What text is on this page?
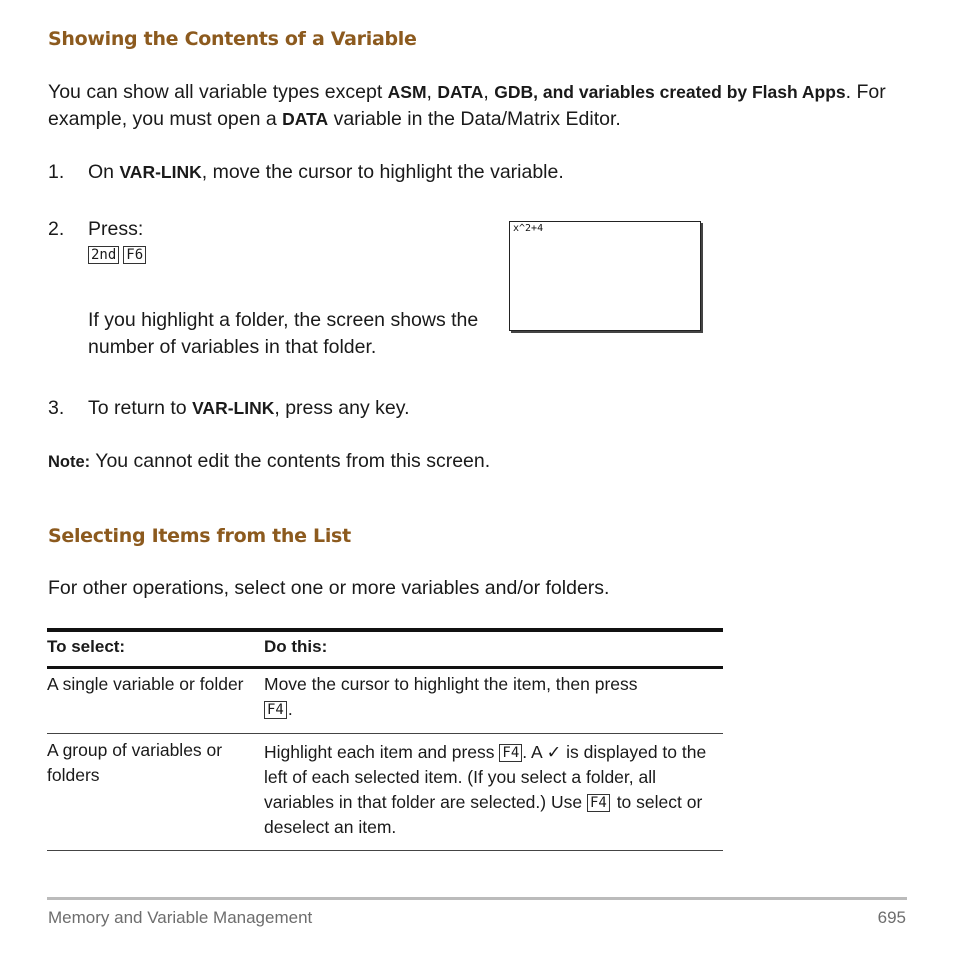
Showing the Contents of a Variable
You can show all variable types except ASM, DATA, GDB, and variables created by Flash Apps. For example, you must open a DATA variable in the Data/Matrix Editor.
1. On VAR-LINK, move the cursor to highlight the variable.
2. Press:
2nd F6
If you highlight a folder, the screen shows the number of variables in that folder.
x^2+4
3. To return to VAR-LINK, press any key.
Note: You cannot edit the contents from this screen.
Selecting Items from the List
For other operations, select one or more variables and/or folders.
To select:	Do this:
A single variable or folder	Move the cursor to highlight the item, then press
F4 .
A group of variables or folders	Highlight each item and press F4 . A ✓ is displayed to the left of each selected item. (If you select a folder, all variables in that folder are selected.) Use F4 to select or deselect an item.
Memory and Variable Management	695
